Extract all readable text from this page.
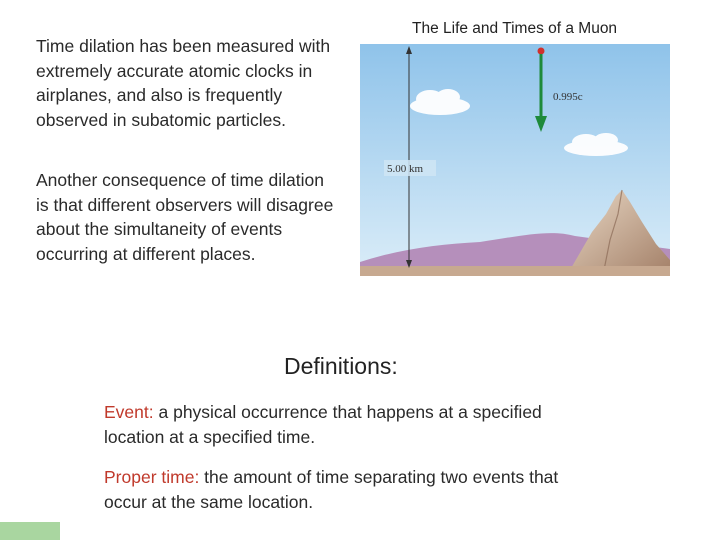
Time dilation has been measured with extremely accurate atomic clocks in airplanes, and also is frequently observed in subatomic particles.

Another consequence of time dilation is that different observers will disagree about the simultaneity of events occurring at different places.

The Life and Times of a Muon
5.00 km
0.995c
Definitions:

Event: a physical occurrence that happens at a specified location at a specified time.

Proper time: the amount of time separating two events that occur at the same location.
